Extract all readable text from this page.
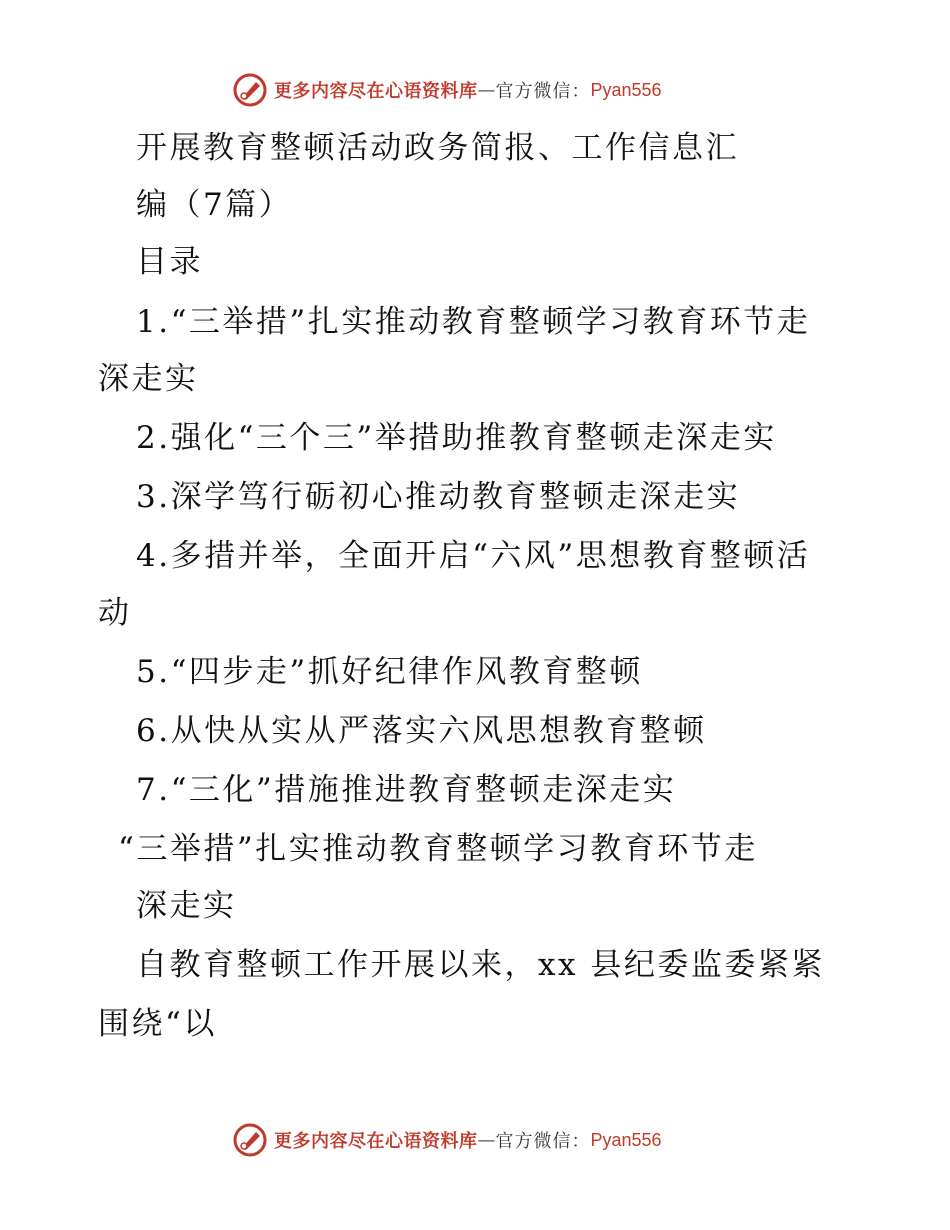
更多内容尽在心语资料库 — 官方微信： Pyan556
开展教育整顿活动政务简报、工作信息汇
编（7篇）
目录
1.“三举措”扎实推动教育整顿学习教育环节走
深走实
2.强化“三个三”举措助推教育整顿走深走实
3.深学笃行砺初心推动教育整顿走深走实
4.多措并举，全面开启“六风”思想教育整顿活
动
5.“四步走”抓好纪律作风教育整顿
6.从快从实从严落实六风思想教育整顿
7.“三化”措施推进教育整顿走深走实
“三举措”扎实推动教育整顿学习教育环节走
深走实
自教育整顿工作开展以来，xx 县纪委监委紧紧
围绕“以
更多内容尽在心语资料库 — 官方微信： Pyan556
